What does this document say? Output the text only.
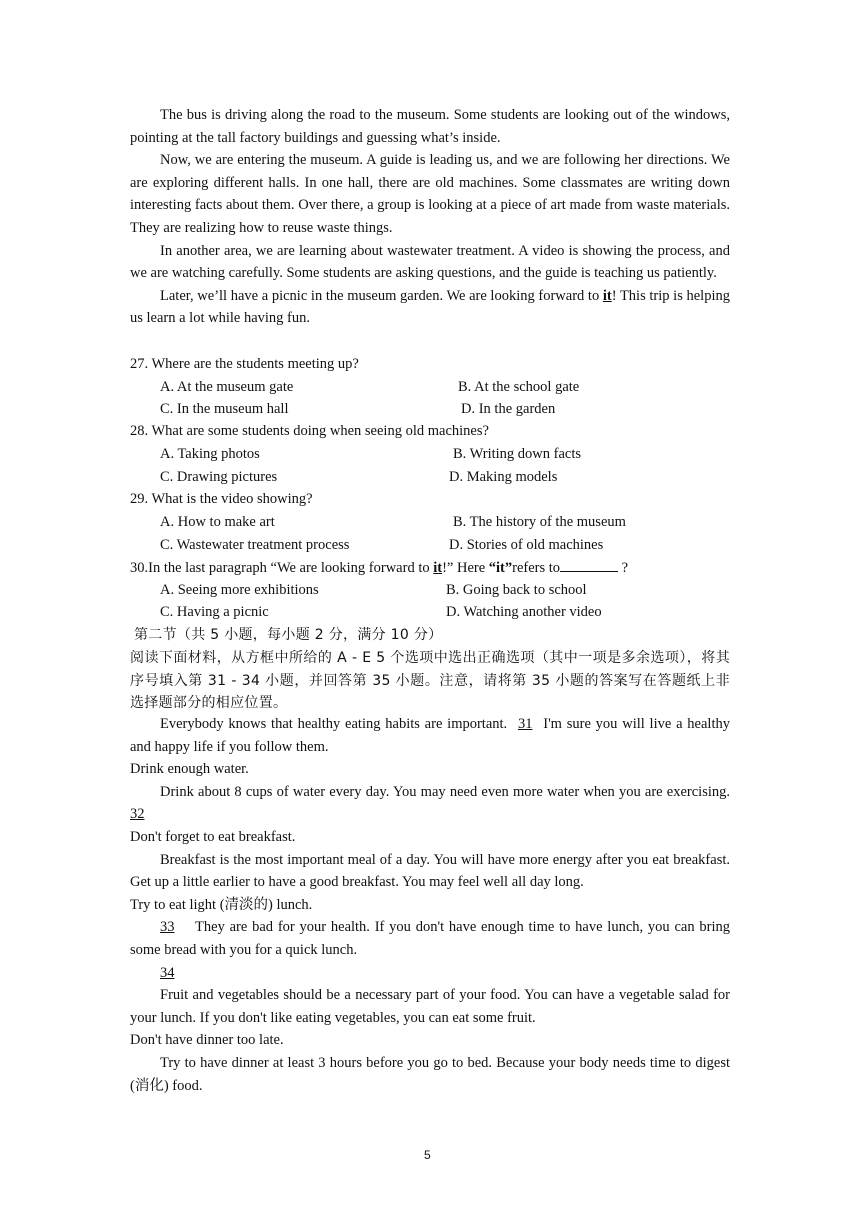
The bus is driving along the road to the museum. Some students are looking out of the windows, pointing at the tall factory buildings and guessing what’s inside.

Now, we are entering the museum. A guide is leading us, and we are following her directions. We are exploring different halls. In one hall, there are old machines. Some classmates are writing down interesting facts about them. Over there, a group is looking at a piece of art made from waste materials. They are realizing how to reuse waste things.

In another area, we are learning about wastewater treatment. A video is showing the process, and we are watching carefully. Some students are asking questions, and the guide is teaching us patiently.

Later, we’ll have a picnic in the museum garden. We are looking forward to it! This trip is helping us learn a lot while having fun.

27. Where are the students meeting up?
A. At the museum gate	B. At the school gate
C. In the museum hall	D. In the garden
28. What are some students doing when seeing old machines?
A. Taking photos	B. Writing down facts
C. Drawing pictures	D. Making models
29. What is the video showing?
A. How to make art	B. The history of the museum
C. Wastewater treatment process	D. Stories of old machines
30.In the last paragraph “We are looking forward to it!” Here “it”refers to	?
A. Seeing more exhibitions	B. Going back to school
C. Having a picnic	D. Watching another video
第二节（共 5 小题，每小题 2 分，满分 10 分）
阅读下面材料，从方框中所给的 A - E 5 个选项中选出正确选项（其中一项是多余选项），将其序号填入第 31 - 34 小题，并回答第 35 小题。注意，请将第 35 小题的答案写在答题纸上非选择题部分的相应位置。

Everybody knows that healthy eating habits are important. 31 I'm sure you will live a healthy and happy life if you follow them.

Drink enough water.

Drink about 8 cups of water every day. You may need even more water when you are exercising. 32

Don't forget to eat breakfast.

Breakfast is the most important meal of a day. You will have more energy after you eat breakfast. Get up a little earlier to have a good breakfast. You may feel well all day long.

Try to eat light (清淡的) lunch.

33 They are bad for your health. If you don't have enough time to have lunch, you can bring some bread with you for a quick lunch.

34

Fruit and vegetables should be a necessary part of your food. You can have a vegetable salad for your lunch. If you don't like eating vegetables, you can eat some fruit.

Don't have dinner too late.

Try to have dinner at least 3 hours before you go to bed. Because your body needs time to digest (消化) food.

5
